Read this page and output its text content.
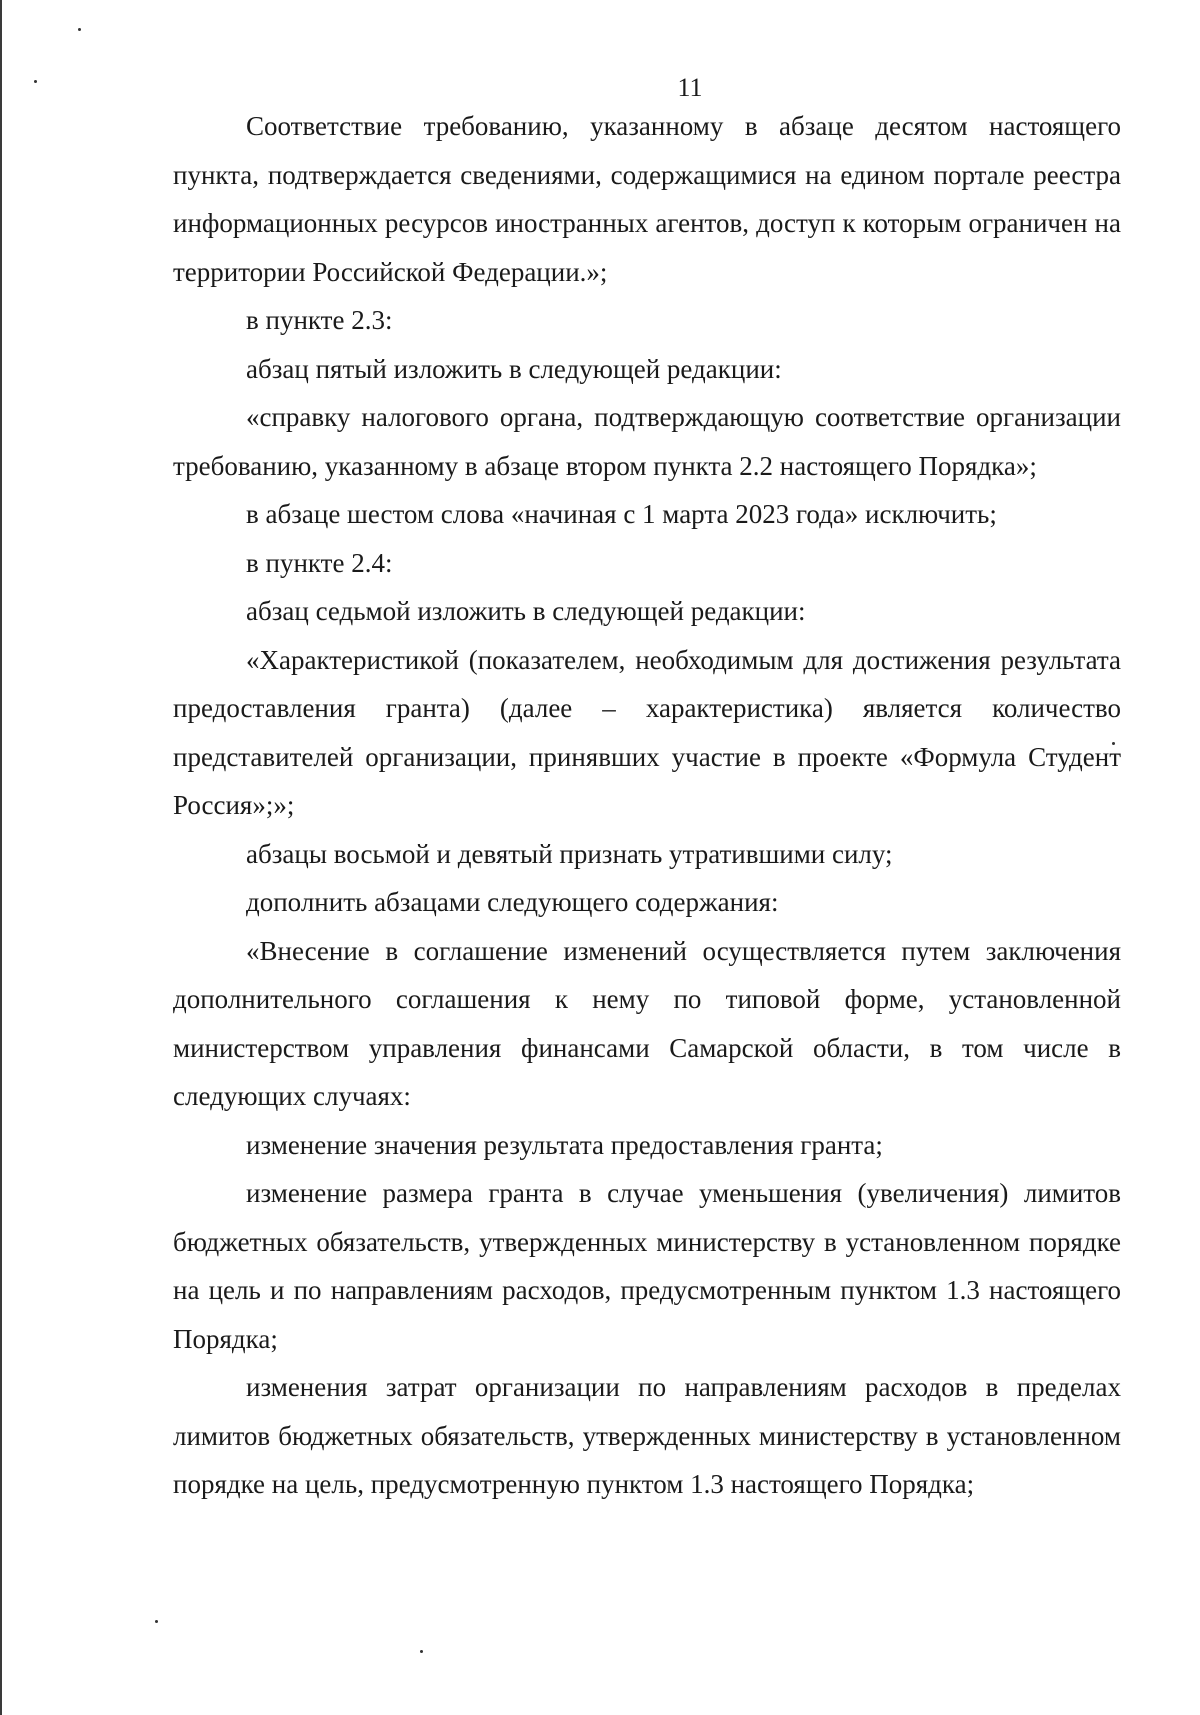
11

Соответствие требованию, указанному в абзаце десятом настоящего пункта, подтверждается сведениями, содержащимися на едином портале реестра информационных ресурсов иностранных агентов, доступ к которым ограничен на территории Российской Федерации.»;

в пункте 2.3:

абзац пятый изложить в следующей редакции:

«справку налогового органа, подтверждающую соответствие организации требованию, указанному в абзаце втором пункта 2.2 настоящего Порядка»;

в абзаце шестом слова «начиная с 1 марта 2023 года» исключить;

в пункте 2.4:

абзац седьмой изложить в следующей редакции:

«Характеристикой (показателем, необходимым для достижения результата предоставления гранта) (далее – характеристика) является количество представителей организации, принявших участие в проекте «Формула Студент Россия»;»;

абзацы восьмой и девятый признать утратившими силу;

дополнить абзацами следующего содержания:

«Внесение в соглашение изменений осуществляется путем заключения дополнительного соглашения к нему по типовой форме, установленной министерством управления финансами Самарской области, в том числе в следующих случаях:

изменение значения результата предоставления гранта;

изменение размера гранта в случае уменьшения (увеличения) лимитов бюджетных обязательств, утвержденных министерству в установленном порядке на цель и по направлениям расходов, предусмотренным пунктом 1.3 настоящего Порядка;

изменения затрат организации по направлениям расходов в пределах лимитов бюджетных обязательств, утвержденных министерству в установленном порядке на цель, предусмотренную пунктом 1.3 настоящего Порядка;
